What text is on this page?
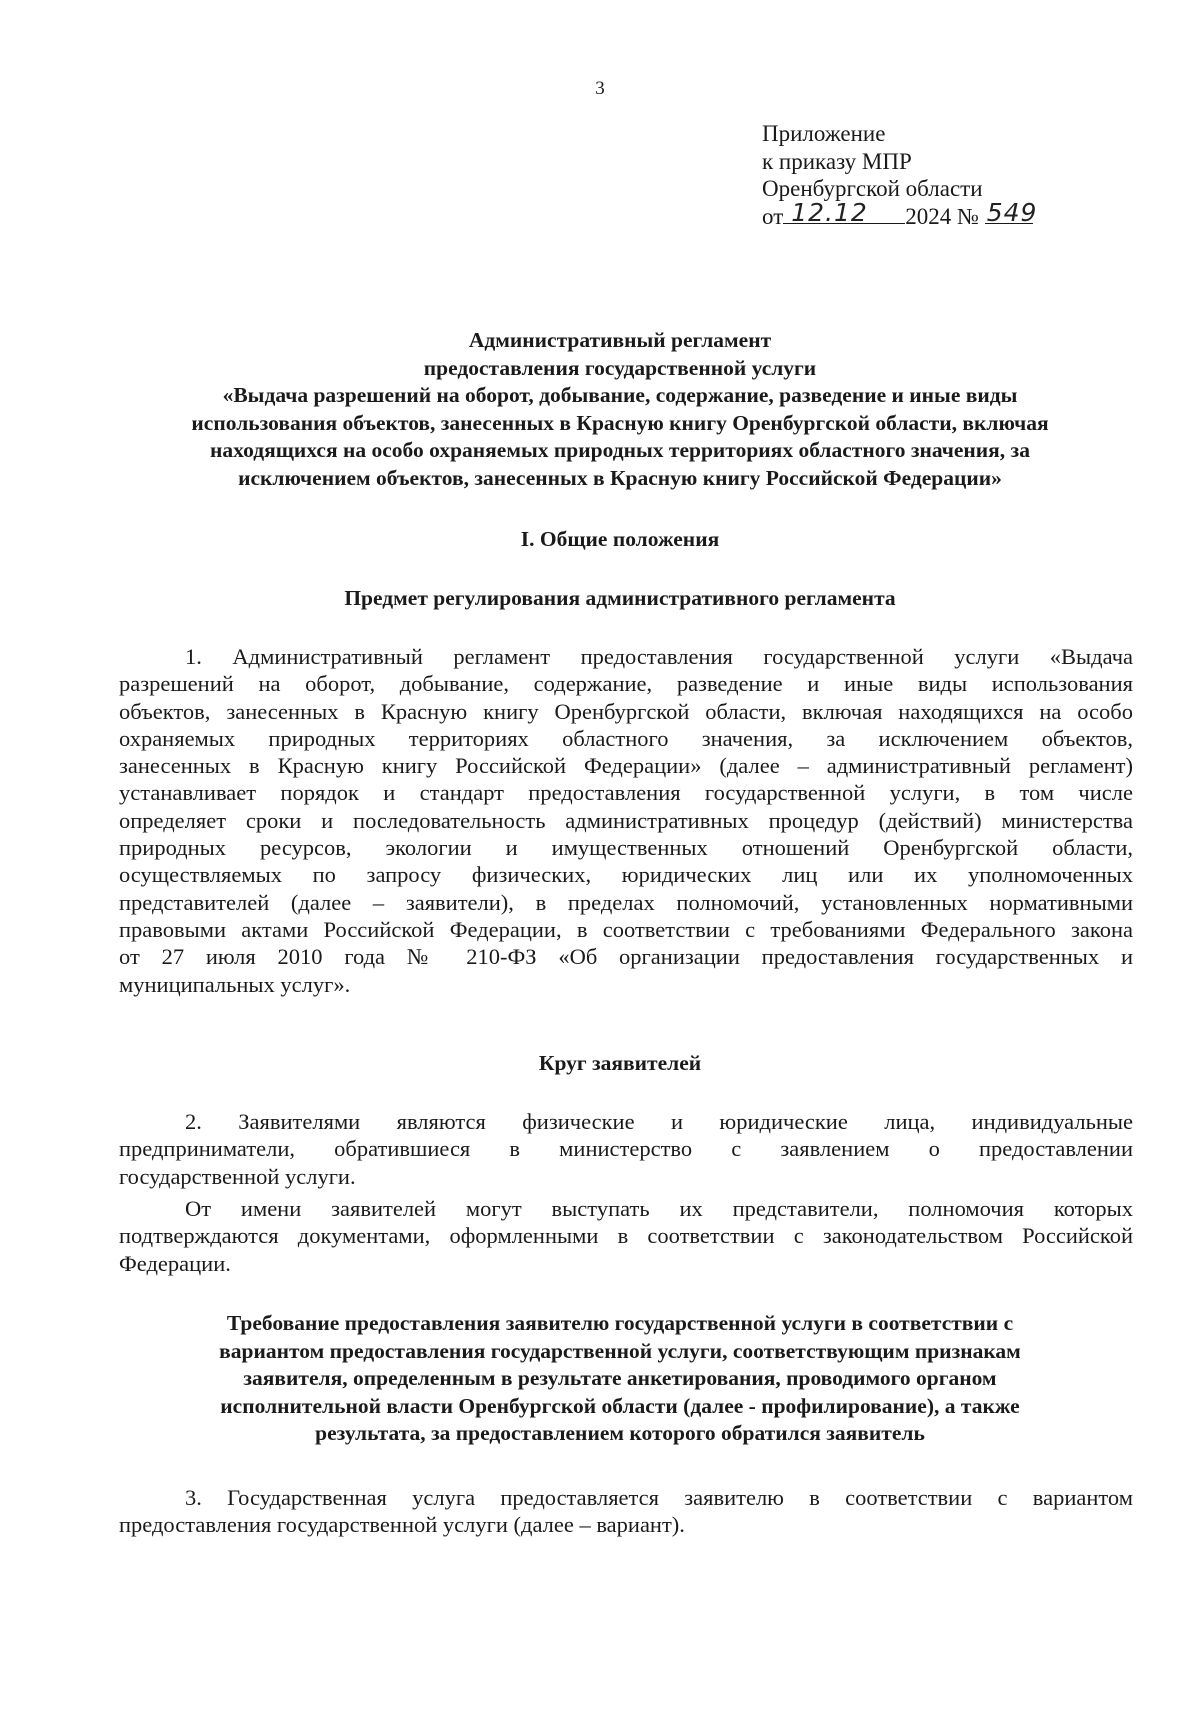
3
Приложение
к приказу МПР
Оренбургской области
от 12.12 2024 № 549
Административный регламент
предоставления государственной услуги
«Выдача разрешений на оборот, добывание, содержание, разведение и иные виды
использования объектов, занесенных в Красную книгу Оренбургской области, включая
находящихся на особо охраняемых природных территориях областного значения, за
исключением объектов, занесенных в Красную книгу Российской Федерации»
I. Общие положения
Предмет регулирования административного регламента
1. Административный регламент предоставления государственной услуги «Выдача
разрешений на оборот, добывание, содержание, разведение и иные виды использования
объектов, занесенных в Красную книгу Оренбургской области, включая находящихся на особо
охраняемых природных территориях областного значения, за исключением объектов,
занесенных в Красную книгу Российской Федерации» (далее – административный регламент)
устанавливает порядок и стандарт предоставления государственной услуги, в том числе
определяет сроки и последовательность административных процедур (действий) министерства
природных ресурсов, экологии и имущественных отношений Оренбургской области,
осуществляемых по запросу физических, юридических лиц или их уполномоченных
представителей (далее – заявители), в пределах полномочий, установленных нормативными
правовыми актами Российской Федерации, в соответствии с требованиями Федерального закона
от 27 июля 2010 года № 210-ФЗ «Об организации предоставления государственных и
муниципальных услуг».
Круг заявителей
2. Заявителями являются физические и юридические лица, индивидуальные
предприниматели, обратившиеся в министерство с заявлением о предоставлении
государственной услуги.
От имени заявителей могут выступать их представители, полномочия которых
подтверждаются документами, оформленными в соответствии с законодательством Российской
Федерации.
Требование предоставления заявителю государственной услуги в соответствии с
вариантом предоставления государственной услуги, соответствующим признакам
заявителя, определенным в результате анкетирования, проводимого органом
исполнительной власти Оренбургской области (далее - профилирование), а также
результата, за предоставлением которого обратился заявитель
3. Государственная услуга предоставляется заявителю в соответствии с вариантом
предоставления государственной услуги (далее – вариант).
